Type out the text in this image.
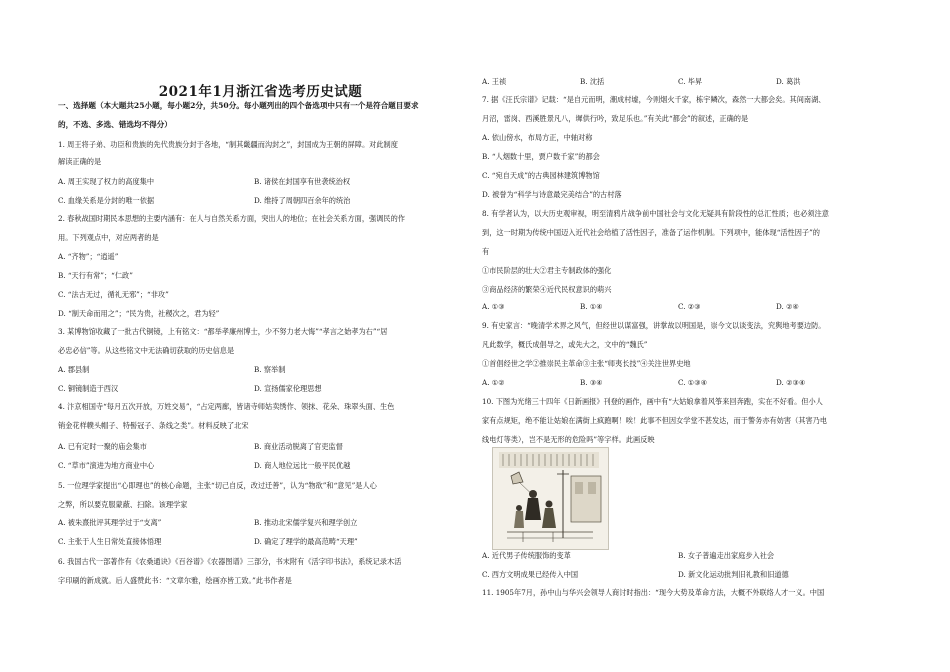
2021年1月浙江省选考历史试题
一、选择题（本大题共25小题，每小题2分，共50分。每小题列出的四个备选项中只有一个是符合题目要求
的，不选、多选、错选均不得分）
1. 周王将子弟、功臣和贵族的先代贵族分封于各地，“制其畿疆而沟封之”，封国成为王朝的屏障。对此制度
解读正确的是
A. 周王实现了权力的高度集中	B. 诸侯在封国享有世袭统治权
C. 血缘关系是分封的唯一依据	D. 维持了周朝四百余年的统治
2. 春秋战国时期民本思想的主要内涵有：在人与自然关系方面，突出人的地位；在社会关系方面，强调民的作
用。下列观点中，对应两者的是
A. “齐物”；“逍遥”
B. “天行有常”；“仁政”
C. “法古无过，循礼无邪”；“非攻”
D. “制天命而用之”；“民为贵，社稷次之，君为轻”
3. 某博物馆收藏了一批古代铜镜，上有铭文：“都举孝廉州博士，少不努力老大悔”“孝言之始孝为右”“居
必忠必信”等。从这些铭文中无法确切获取的历史信息是
A. 郡县制	B. 察举制
C. 铜镜制造于西汉	D. 宣扬儒家伦理思想
4. 汴京相国寺“每月五次开放，万姓交易”，“占定两廊，皆诸寺师姑卖绣作、领抹、花朵、珠翠头面、生色
销金花样幞头帽子、特髻冠子、条线之类”。材料反映了北宋
A. 已有定时一聚的庙会集市	B. 商业活动脱离了官吏监督
C. “草市”演进为地方商业中心	D. 商人地位远比一般平民优越
5. 一位理学家提出“心即理也”的核心命题，主张“切己自反，改过迁善”，认为“物欲”和“意见”是人心
之弊，所以要克服蒙蔽、扫除。该理学家
A. 被朱熹批评其理学过于“支离”	B. 推动北宋儒学复兴和理学创立
C. 主张于人生日常处直接体悟理	D. 确定了理学的最高范畴“天理”
6. 我国古代一部著作有《农桑通诀》《百谷谱》《农器图谱》三部分，书末附有《活字印书法》，系统记录木活
字印刷的新成就。后人盛赞此书：“文章尔雅，绘画亦皆工致。”此书作者是
A. 王祯	B. 沈括	C. 毕昇	D. 葛洪
7. 据《汪氏宗谱》记载：“是自元而明，潮成村墟，今则烟火千家，栋宇鳞次，森然一大都会矣。其间南湖、
月沼，雷岗、西溪胜景凡八，墀供行吟，致足乐也。”有关此“都会”的叙述，正确的是
A. 依山傍水，布局方正，中轴对称
B. “人烟数十里，贾户数千家”的都会
C. “宛自天成”的古典园林建筑博物馆
D. 被誉为“科学与诗意最完美结合”的古村落
8. 有学者认为，以大历史观审视，明至清鸦片战争前中国社会与文化无疑具有阶段性的总汇性质；也必须注意
到，这一时期为传统中国迈入近代社会给植了活性因子，准备了运作机制。下列项中，能体现“活性因子”的
有
①市民阶层的壮大②君主专制政体的强化
③商品经济的繁荣④近代民权意识的萌兴
A. ①③	B. ①④	C. ②③	D. ②④
9. 有史家言：“晚清学术界之风气，但经世以谋富强，讲掌故以明国是，崇今文以谈变法，究舆地考要边防。
凡此数学，概氏成倡导之，或先大之，文中的“魏氏”
①首倡经世之学②推崇民主革命③主张“师夷长技”④关注世界史地
A. ①②	B. ③④	C. ①③④	D. ②③④
10. 下图为光绪三十四年《日新画报》刊登的画作，画中有“大姑娘拿着风筝来回奔跑，实在不好看。但小人
家有点规矩，绝不能让姑娘在满街上疯跑啊！唉！此事不但因女学堂不甚发达，而于警务亦有妨害（其害乃电
线电灯等类），岂不是无形的危险吗”等字样。此画反映
A. 近代男子传统服饰的变革	B. 女子普遍走出家庭步入社会
C. 西方文明成果已经传入中国	D. 新文化运动批判旧礼教和旧道德
11. 1905年7月，孙中山与华兴会领导人商讨时指出：“现今大势及革命方法，大概不外联络人才一义。中国
